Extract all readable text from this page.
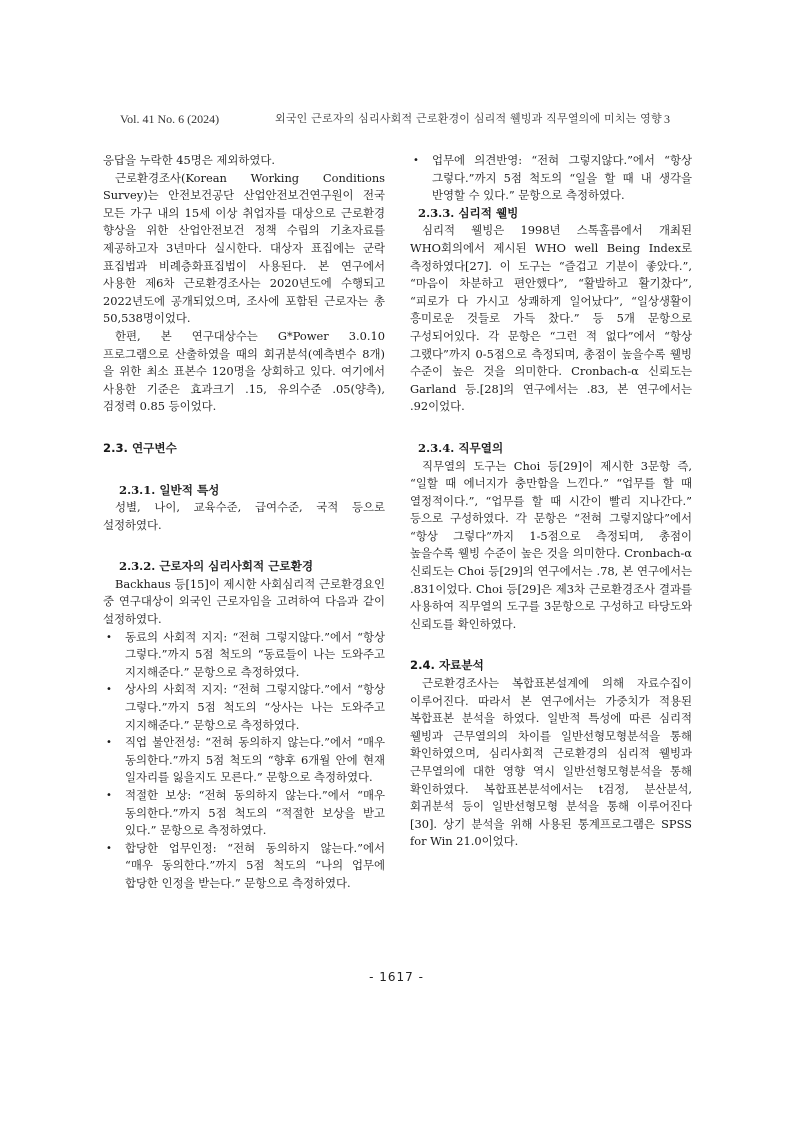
Vol. 41 No. 6 (2024)	외국인 근로자의 심리사회적 근로환경이 심리적 웰빙과 직무열의에 미치는 영향 3

응답을 누락한 45명은 제외하였다.

근로환경조사(Korean Working Conditions Survey)는 안전보건공단 산업안전보건연구원이 전국 모든 가구 내의 15세 이상 취업자를 대상으로 근로환경 향상을 위한 산업안전보건 정책 수립의 기초자료를 제공하고자 3년마다 실시한다. 대상자 표집에는 군락 표집법과 비례층화표집법이 사용된다. 본 연구에서 사용한 제6차 근로환경조사는 2020년도에 수행되고 2022년도에 공개되었으며, 조사에 포함된 근로자는 총 50,538명이었다.

한편, 본 연구대상수는 G*Power 3.0.10 프로그램으로 산출하였을 때의 회귀분석(예측변수 8개)을 위한 최소 표본수 120명을 상회하고 있다. 여기에서 사용한 기준은 효과크기 .15, 유의수준 .05(양측), 검정력 0.85 등이었다.

2.3. 연구변수

2.3.1. 일반적 특성

성별, 나이, 교육수준, 급여수준, 국적 등으로 설정하였다.

2.3.2. 근로자의 심리사회적 근로환경

Backhaus 등[15]이 제시한 사회심리적 근로환경요인 중 연구대상이 외국인 근로자임을 고려하여 다음과 같이 설정하였다.

• 동료의 사회적 지지: “전혀 그렇지않다.”에서 “항상 그렇다.”까지 5점 척도의 “동료들이 나는 도와주고 지지해준다.” 문항으로 측정하였다.
• 상사의 사회적 지지: “전혀 그렇지않다.”에서 “항상 그렇다.”까지 5점 척도의 “상사는 나는 도와주고 지지해준다.” 문항으로 측정하였다.
• 직업 불안전성: “전혀 동의하지 않는다.”에서 “매우 동의한다.”까지 5점 척도의 “향후 6개월 안에 현재 일자리를 잃을지도 모른다.” 문항으로 측정하였다.
• 적절한 보상: “전혀 동의하지 않는다.”에서 “매우 동의한다.”까지 5점 척도의 “적절한 보상을 받고 있다.” 문항으로 측정하였다.
• 합당한 업무인정: “전혀 동의하지 않는다.”에서 “매우 동의한다.”까지 5점 척도의 “나의 업무에 합당한 인정을 받는다.” 문항으로 측정하였다.
• 업무에 의견반영: “전혀 그렇지않다.”에서 “항상 그렇다.”까지 5점 척도의 “일을 할 때 내 생각을 반영할 수 있다.” 문항으로 측정하였다.

2.3.3. 심리적 웰빙

심리적 웰빙은 1998년 스톡홀름에서 개최된 WHO회의에서 제시된 WHO well Being Index로 측정하였다[27]. 이 도구는 “즐겁고 기분이 좋았다.”, “마음이 차분하고 편안했다”, “활발하고 활기찼다”, “피로가 다 가시고 상쾌하게 일어났다”, “일상생활이 흥미로운 것들로 가득 찼다.” 등 5개 문항으로 구성되어있다. 각 문항은 “그런 적 없다”에서 “항상 그랬다”까지 0-5점으로 측정되며, 총점이 높을수록 웰빙 수준이 높은 것을 의미한다. Cronbach-α 신뢰도는 Garland 등.[28]의 연구에서는 .83, 본 연구에서는 .92이었다.

2.3.4. 직무열의

직무열의 도구는 Choi 등[29]이 제시한 3문항 즉, “일할 때 에너지가 충만함을 느낀다.” “업무를 할 때 열정적이다.”, “업무를 할 때 시간이 빨리 지나간다.” 등으로 구성하였다. 각 문항은 “전혀 그렇지않다”에서 “항상 그렇다”까지 1-5점으로 측정되며, 총점이 높을수록 웰빙 수준이 높은 것을 의미한다. Cronbach-α 신뢰도는 Choi 등[29]의 연구에서는 .78, 본 연구에서는 .831이었다. Choi 등[29]은 제3차 근로환경조사 결과를 사용하여 직무열의 도구를 3문항으로 구성하고 타당도와 신뢰도를 확인하였다.

2.4. 자료분석

근로환경조사는 복합표본설계에 의해 자료수집이 이루어진다. 따라서 본 연구에서는 가중치가 적용된 복합표본 분석을 하였다. 일반적 특성에 따른 심리적 웰빙과 근무열의의 차이를 일반선형모형분석을 통해 확인하였으며, 심리사회적 근로환경의 심리적 웰빙과 근무열의에 대한 영향 역시 일반선형모형분석을 통해 확인하였다. 복합표본분석에서는 t검정, 분산분석, 회귀분석 등이 일반선형모형 분석을 통해 이루어진다[30]. 상기 분석을 위해 사용된 통계프로그램은 SPSS for Win 21.0이었다.

- 1617 -
